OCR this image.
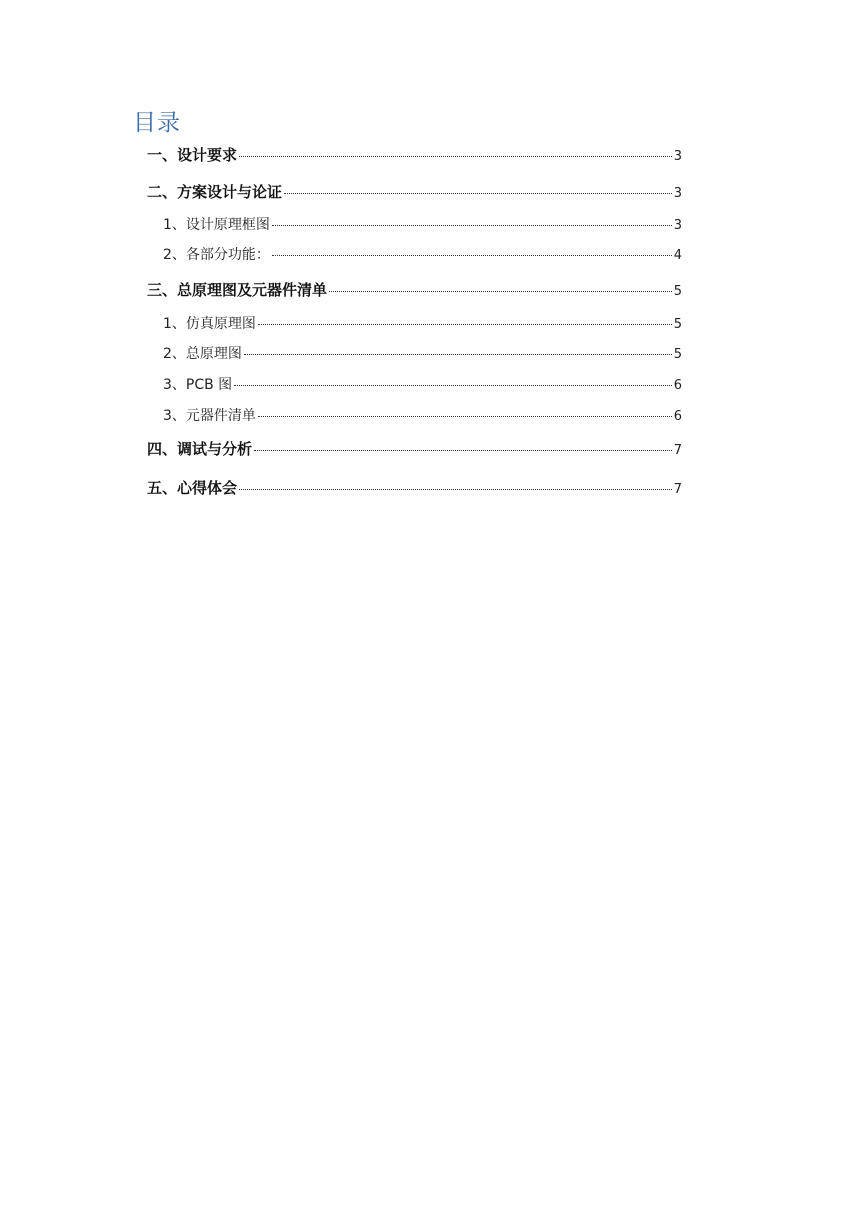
目录
一、设计要求	3
二、方案设计与论证	3
1、设计原理框图	3
2、各部分功能：	4
三、总原理图及元器件清单	5
1、仿真原理图	5
2、总原理图	5
3、PCB 图	6
3、元器件清单	6
四、调试与分析	7
五、心得体会	7
